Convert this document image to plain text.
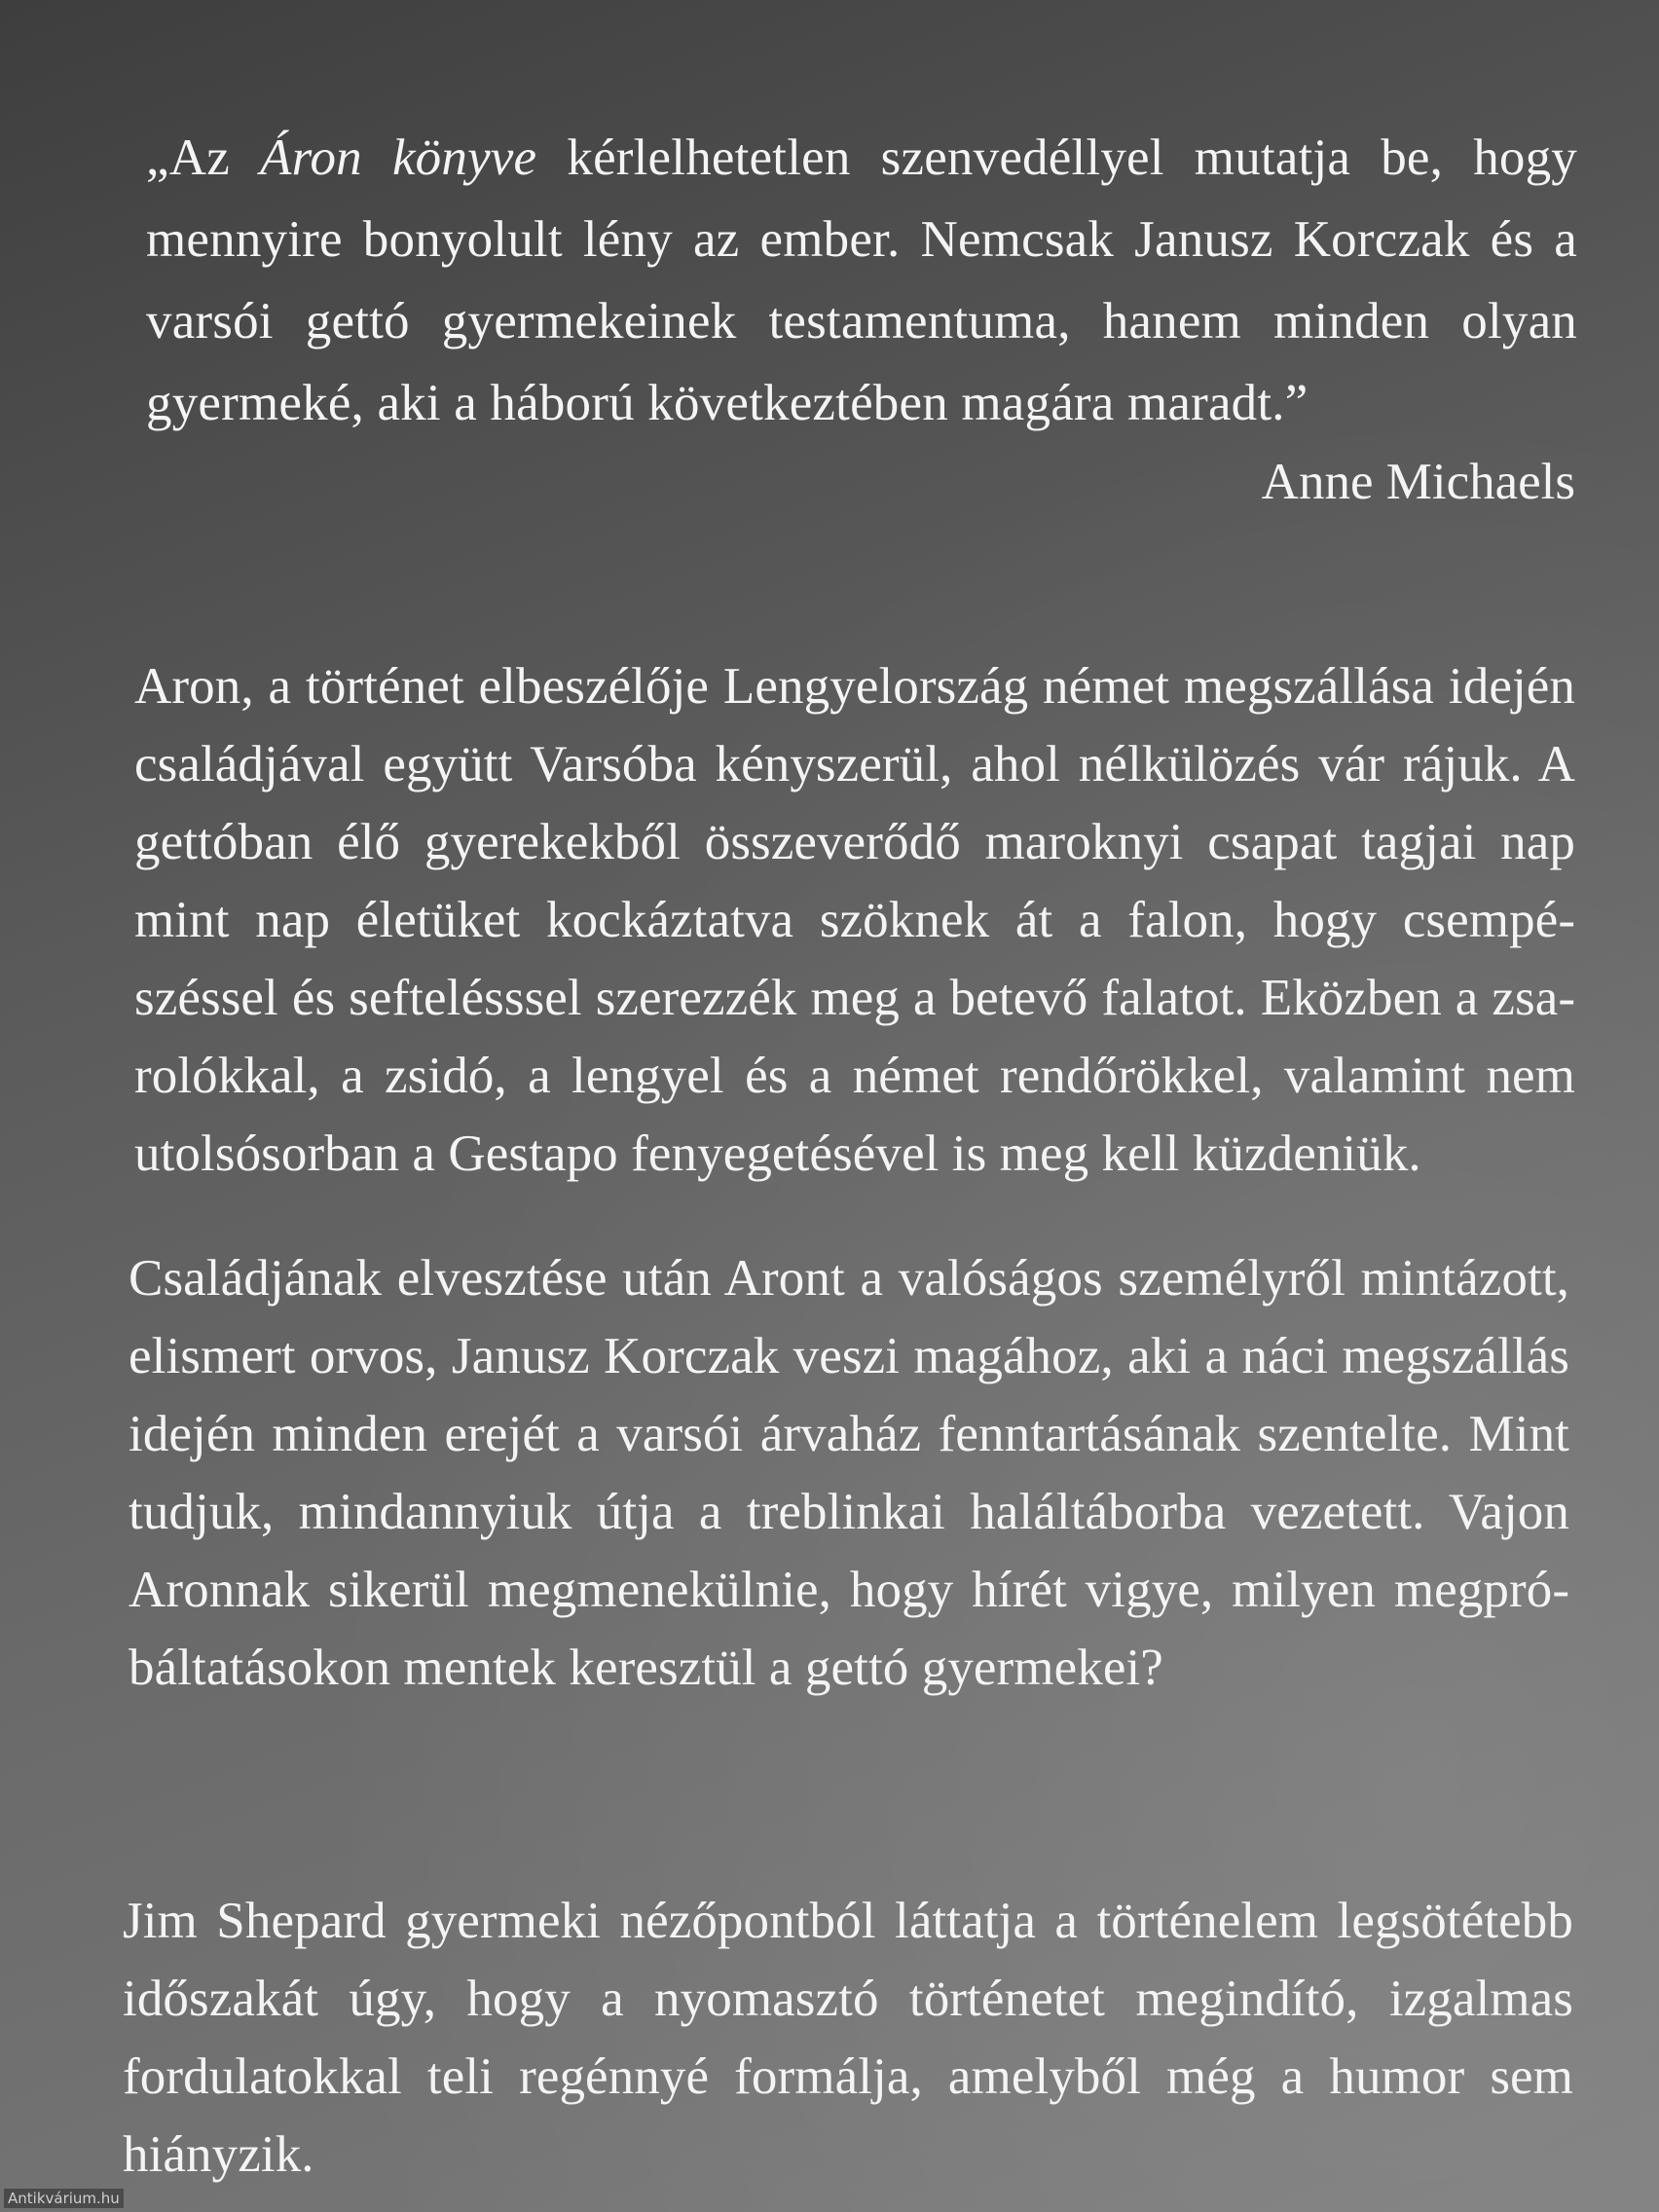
„Az Áron könyve kérlelhetetlen szenvedéllyel mutatja be, hogy mennyire bonyolult lény az ember. Nemcsak Janusz Korczak és a varsói gettó gyermekeinek testamentuma, hanem minden olyan gyermeké, aki a háború következtében magára maradt.”
Anne Michaels

Aron, a történet elbeszélője Lengyelország német megszállása idején családjával együtt Varsóba kényszerül, ahol nélkülözés vár rájuk. A gettóban élő gyerekekből összeverődő maroknyi csapat tagjai nap mint nap életüket kockáztatva szöknek át a falon, hogy csempészéssel és seftelésssel szerezzék meg a betevő falatot. Eközben a zsarolókkal, a zsidó, a lengyel és a német rendőrökkel, valamint nem utolsósorban a Gestapo fenyegetésével is meg kell küzdeniük.

Családjának elvesztése után Aront a valóságos személyről mintázott, elismert orvos, Janusz Korczak veszi magához, aki a náci megszállás idején minden erejét a varsói árvaház fenntartásának szentelte. Mint tudjuk, mindannyiuk útja a treblinkai haláltáborba vezetett. Vajon Aronnak sikerül megmenekülnie, hogy hírét vigye, milyen megpróbáltatásokon mentek keresztül a gettó gyermekei?

Jim Shepard gyermeki nézőpontból láttatja a történelem legsötétebb időszakát úgy, hogy a nyomasztó történetet megindító, izgalmas fordulatokkal teli regénnyé formálja, amelyből még a humor sem hiányzik.

Antikvárium.hu
